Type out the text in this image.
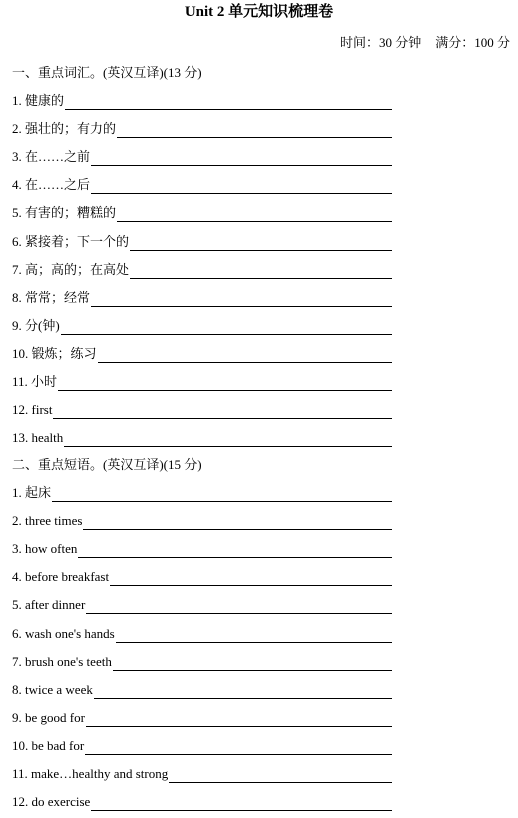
Unit 2 单元知识梳理卷
时间：30 分钟 满分：100 分
一、重点词汇。(英汉互译)(13 分)
1.
健康的
2.
强壮的；有力的
3.
在……之前
4.
在……之后
5.
有害的；糟糕的
6.
紧接着；下一个的
7.
高；高的；在高处
8.
常常；经常
9.
分(钟)
10.
锻炼；练习
11.
小时
12.
first
13.
health
二、重点短语。(英汉互译)(15 分)
1.
起床
2.
three times
3.
how often
4.
before breakfast
5.
after dinner
6.
wash one's hands
7.
brush one's teeth
8.
twice a week
9.
be good for
10.
be bad for
11.
make…healthy and strong
12.
do exercise
